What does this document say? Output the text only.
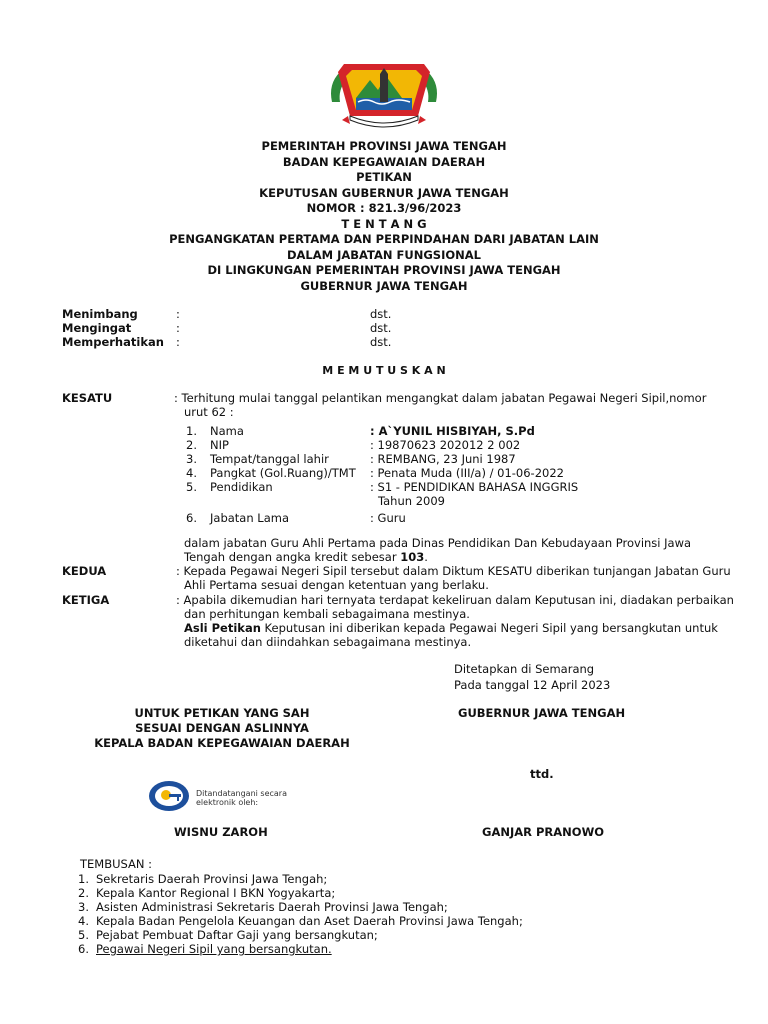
PEMERINTAH PROVINSI JAWA TENGAH
BADAN KEPEGAWAIAN DAERAH
PETIKAN
KEPUTUSAN GUBERNUR JAWA TENGAH
NOMOR : 821.3/96/2023
T E N T A N G
PENGANGKATAN PERTAMA DAN PERPINDAHAN DARI JABATAN LAIN
DALAM JABATAN FUNGSIONAL
DI LINGKUNGAN PEMERINTAH PROVINSI JAWA TENGAH
GUBERNUR JAWA TENGAH
Menimbang	:	dst.
Mengingat	:	dst.
Memperhatikan :	dst.
M E M U T U S K A N
KESATU	: Terhitung mulai tanggal pelantikan mengangkat dalam jabatan Pegawai Negeri Sipil,nomor
urut 62 :
1. Nama	: A`YUNIL HISBIYAH, S.Pd
2. NIP	: 19870623 202012 2 002
3. Tempat/tanggal lahir	: REMBANG, 23 Juni 1987
4. Pangkat (Gol.Ruang)/TMT : Penata Muda (III/a) / 01-06-2022
5. Pendidikan	: S1 - PENDIDIKAN BAHASA INGGRIS
Tahun 2009
6. Jabatan Lama	: Guru
dalam jabatan Guru Ahli Pertama pada Dinas Pendidikan Dan Kebudayaan Provinsi Jawa
Tengah dengan angka kredit sebesar 103.
KEDUA	: Kepada Pegawai Negeri Sipil tersebut dalam Diktum KESATU diberikan tunjangan Jabatan Guru
Ahli Pertama sesuai dengan ketentuan yang berlaku.
KETIGA	: Apabila dikemudian hari ternyata terdapat kekeliruan dalam Keputusan ini, diadakan perbaikan
dan perhitungan kembali sebagaimana mestinya.
Asli Petikan Keputusan ini diberikan kepada Pegawai Negeri Sipil yang bersangkutan untuk
diketahui dan diindahkan sebagaimana mestinya.
Ditetapkan di Semarang
Pada tanggal 12 April 2023
UNTUK PETIKAN YANG SAH
SESUAI DENGAN ASLINNYA
KEPALA BADAN KEPEGAWAIAN DAERAH
Ditandatangani secara
elektronik oleh:
WISNU ZAROH
GUBERNUR JAWA TENGAH
ttd.
GANJAR PRANOWO
TEMBUSAN :
1. Sekretaris Daerah Provinsi Jawa Tengah;
2. Kepala Kantor Regional I BKN Yogyakarta;
3. Asisten Administrasi Sekretaris Daerah Provinsi Jawa Tengah;
4. Kepala Badan Pengelola Keuangan dan Aset Daerah Provinsi Jawa Tengah;
5. Pejabat Pembuat Daftar Gaji yang bersangkutan;
6. Pegawai Negeri Sipil yang bersangkutan.
